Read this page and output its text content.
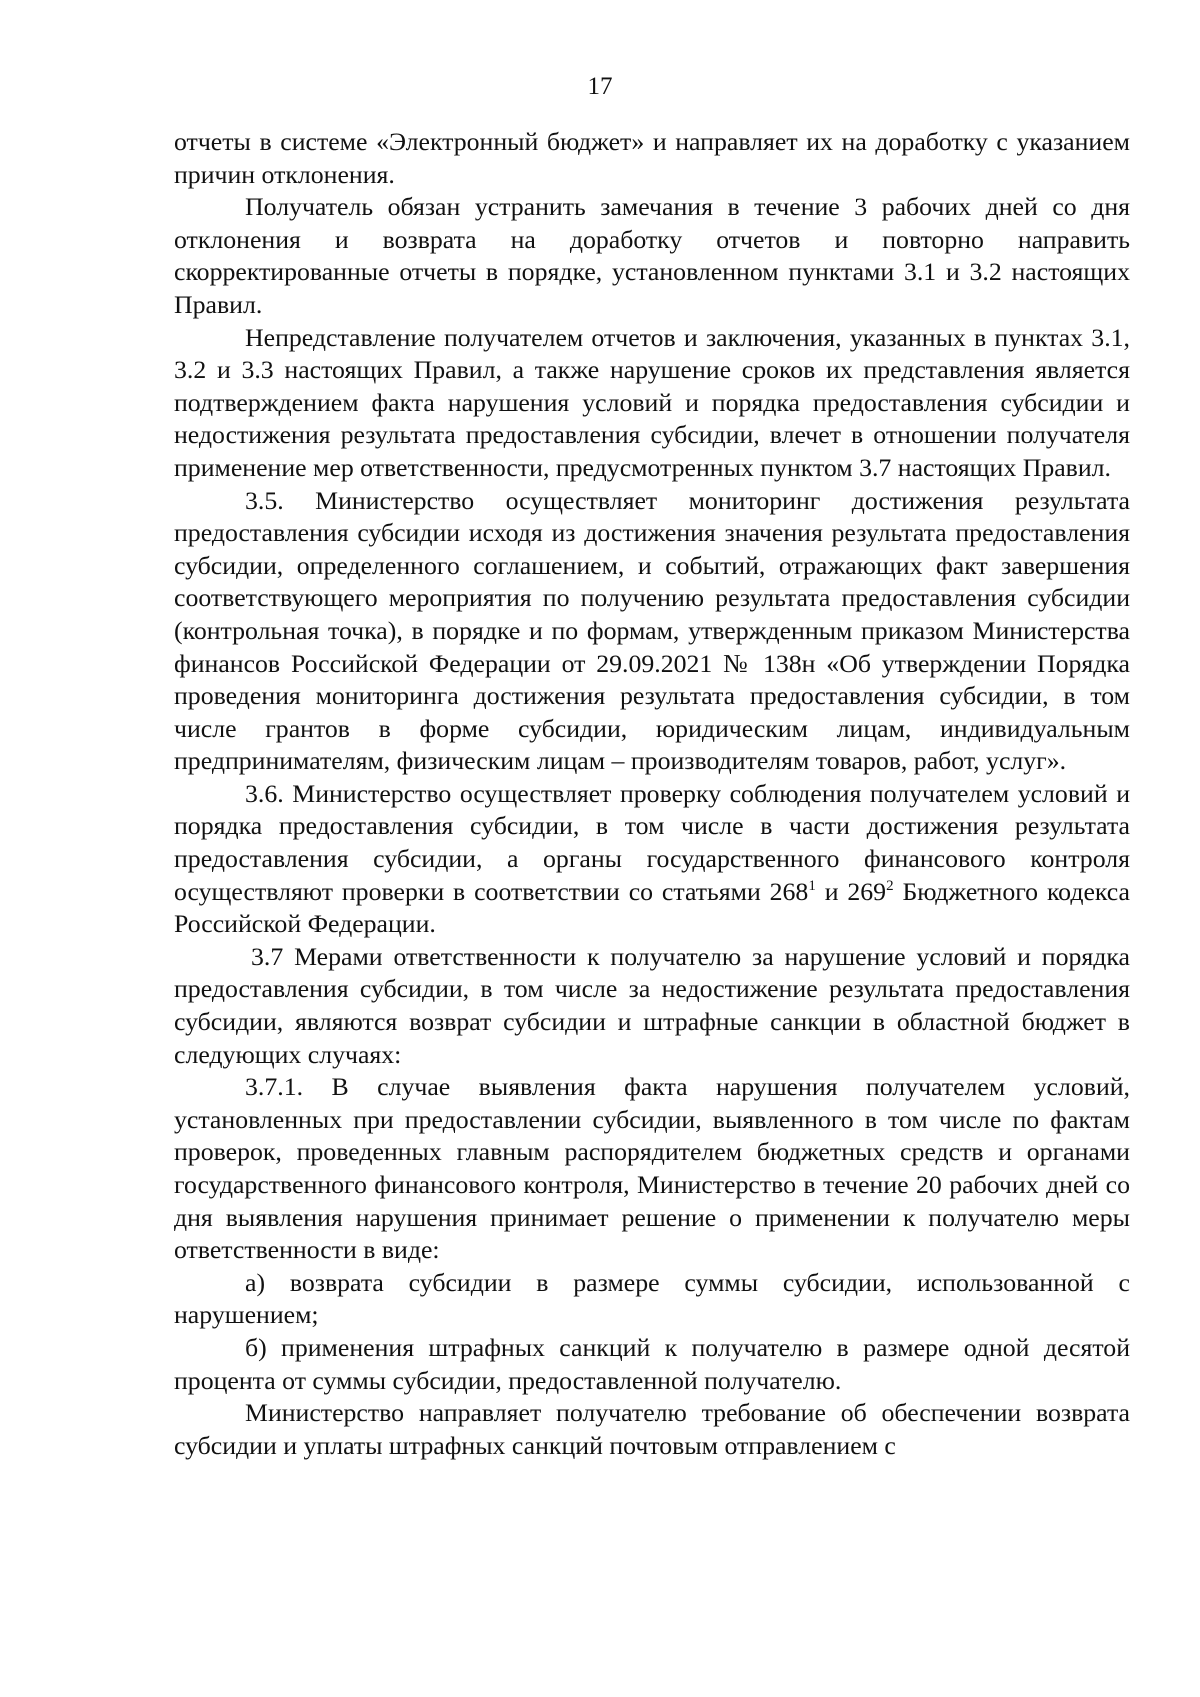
17

отчеты в системе «Электронный бюджет» и направляет их на доработку с указанием причин отклонения.

Получатель обязан устранить замечания в течение 3 рабочих дней со дня отклонения и возврата на доработку отчетов и повторно направить скорректированные отчеты в порядке, установленном пунктами 3.1 и 3.2 настоящих Правил.

Непредставление получателем отчетов и заключения, указанных в пунктах 3.1, 3.2 и 3.3 настоящих Правил, а также нарушение сроков их представления является подтверждением факта нарушения условий и порядка предоставления субсидии и недостижения результата предоставления субсидии, влечет в отношении получателя применение мер ответственности, предусмотренных пунктом 3.7 настоящих Правил.

3.5. Министерство осуществляет мониторинг достижения результата предоставления субсидии исходя из достижения значения результата предоставления субсидии, определенного соглашением, и событий, отражающих факт завершения соответствующего мероприятия по получению результата предоставления субсидии (контрольная точка), в порядке и по формам, утвержденным приказом Министерства финансов Российской Федерации от 29.09.2021 № 138н «Об утверждении Порядка проведения мониторинга достижения результата предоставления субсидии, в том числе грантов в форме субсидии, юридическим лицам, индивидуальным предпринимателям, физическим лицам – производителям товаров, работ, услуг».

3.6. Министерство осуществляет проверку соблюдения получателем условий и порядка предоставления субсидии, в том числе в части достижения результата предоставления субсидии, а органы государственного финансового контроля осуществляют проверки в соответствии со статьями $268^1$ и $269^2$ Бюджетного кодекса Российской Федерации.

3.7 Мерами ответственности к получателю за нарушение условий и порядка предоставления субсидии, в том числе за недостижение результата предоставления субсидии, являются возврат субсидии и штрафные санкции в областной бюджет в следующих случаях:

3.7.1. В случае выявления факта нарушения получателем условий, установленных при предоставлении субсидии, выявленного в том числе по фактам проверок, проведенных главным распорядителем бюджетных средств и органами государственного финансового контроля, Министерство в течение 20 рабочих дней со дня выявления нарушения принимает решение о применении к получателю меры ответственности в виде:

а) возврата субсидии в размере суммы субсидии, использованной с нарушением;

б) применения штрафных санкций к получателю в размере одной десятой процента от суммы субсидии, предоставленной получателю.

Министерство направляет получателю требование об обеспечении возврата субсидии и уплаты штрафных санкций почтовым отправлением с
